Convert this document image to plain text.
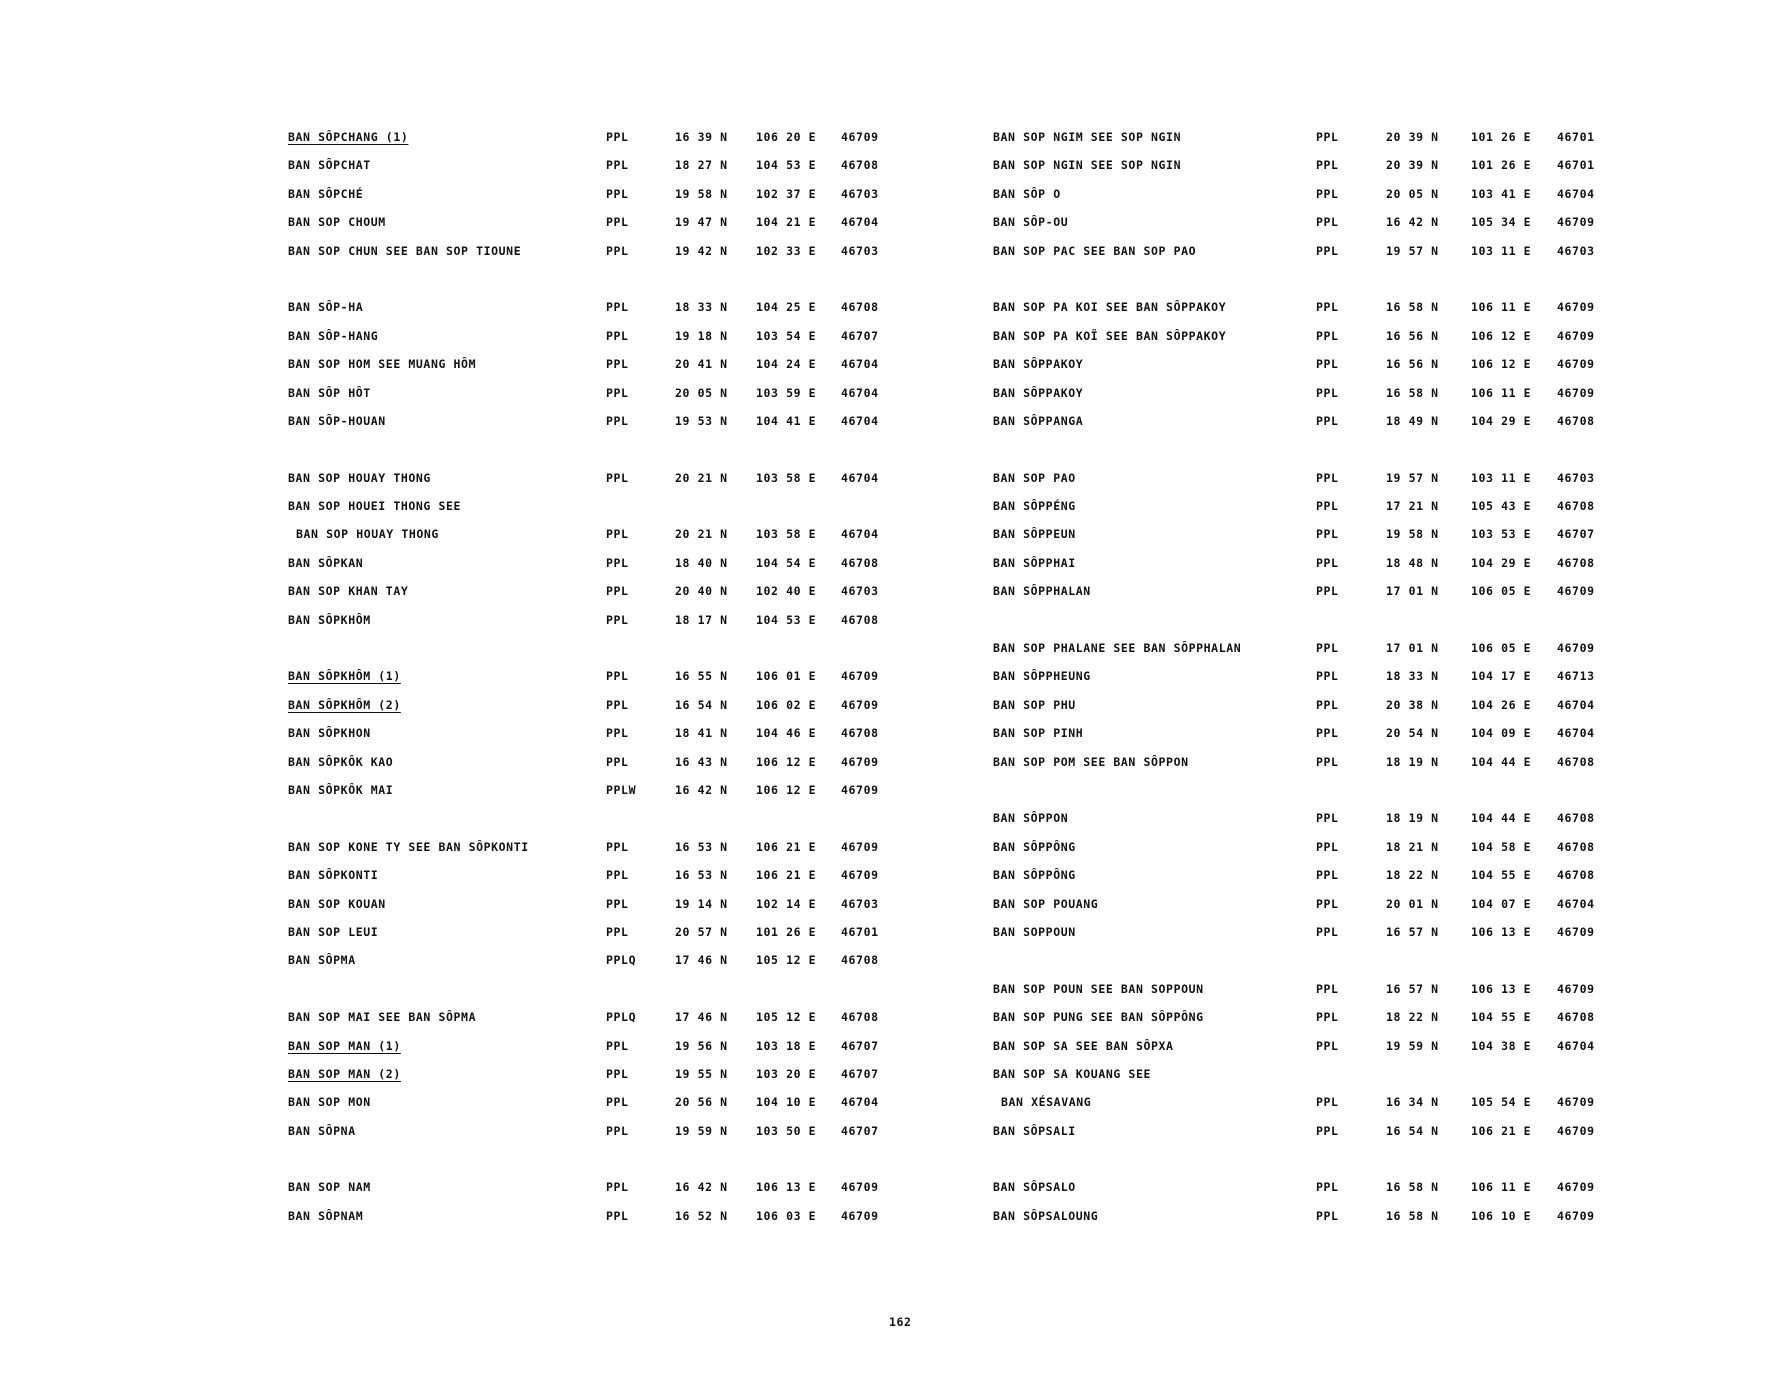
BAN SÔPCHANG (1)	PPL	16 39 N 106 20 E 46709
BAN SÔPCHAT	PPL	18 27 N 104 53 E 46708
BAN SÔPCHÉ	PPL	19 58 N 102 37 E 46703
BAN SOP CHOUM	PPL	19 47 N 104 21 E 46704
BAN SOP CHUN SEE BAN SOP TIOUNE	PPL	19 42 N 102 33 E 46703
BAN SÔP-HA	PPL	18 33 N 104 25 E 46708
BAN SÔP-HANG	PPL	19 18 N 103 54 E 46707
BAN SOP HOM SEE MUANG HÔM	PPL	20 41 N 104 24 E 46704
BAN SÔP HÔT	PPL	20 05 N 103 59 E 46704
BAN SÔP-HOUAN	PPL	19 53 N 104 41 E 46704
BAN SOP HOUAY THONG	PPL	20 21 N 103 58 E 46704
BAN SOP HOUEI THONG SEE
BAN SOP HOUAY THONG	PPL	20 21 N 103 58 E 46704
BAN SÔPKAN	PPL	18 40 N 104 54 E 46708
BAN SOP KHAN TAY	PPL	20 40 N 102 40 E 46703
BAN SÔPKHÔM	PPL	18 17 N 104 53 E 46708
BAN SÔPKHÔM (1)	PPL	16 55 N 106 01 E 46709
BAN SÔPKHÔM (2)	PPL	16 54 N 106 02 E 46709
BAN SÔPKHON	PPL	18 41 N 104 46 E 46708
BAN SÔPKÔK KAO	PPL	16 43 N 106 12 E 46709
BAN SÔPKÔK MAI	PPLW	16 42 N 106 12 E 46709
BAN SOP KONE TY SEE BAN SÔPKONTI	PPL	16 53 N 106 21 E 46709
BAN SÔPKONTI	PPL	16 53 N 106 21 E 46709
BAN SOP KOUAN	PPL	19 14 N 102 14 E 46703
BAN SOP LEUI	PPL	20 57 N 101 26 E 46701
BAN SÔPMA	PPLQ	17 46 N 105 12 E 46708
BAN SOP MAI SEE BAN SÔPMA	PPLQ	17 46 N 105 12 E 46708
BAN SOP MAN (1)	PPL	19 56 N 103 18 E 46707
BAN SOP MAN (2)	PPL	19 55 N 103 20 E 46707
BAN SOP MON	PPL	20 56 N 104 10 E 46704
BAN SÔPNA	PPL	19 59 N 103 50 E 46707
BAN SOP NAM	PPL	16 42 N 106 13 E 46709
BAN SÔPNAM	PPL	16 52 N 106 03 E 46709
BAN SOP NGIM SEE SOP NGIN	PPL	20 39 N	101 26 E 46701
BAN SOP NGIN SEE SOP NGIN	PPL	20 39 N	101 26 E 46701
BAN SÔP O	PPL	20 05 N	103 41 E 46704
BAN SÔP-OU	PPL	16 42 N	105 34 E 46709
BAN SOP PAC SEE BAN SOP PAO	PPL	19 57 N	103 11 E 46703
BAN SOP PA KOI SEE BAN SÔPPAKOY	PPL	16 58 N	106 11 E 46709
BAN SOP PA KOÏ SEE BAN SÔPPAKOY	PPL	16 56 N	106 12 E 46709
BAN SÔPPAKOY	PPL	16 56 N	106 12 E 46709
BAN SÔPPAKOY	PPL	16 58 N	106 11 E 46709
BAN SÔPPANGA	PPL	18 49 N	104 29 E 46708
BAN SOP PAO	PPL	19 57 N	103 11 E 46703
BAN SÔPPÉNG	PPL	17 21 N	105 43 E 46708
BAN SÔPPEUN	PPL	19 58 N	103 53 E 46707
BAN SÔPPHAI	PPL	18 48 N	104 29 E 46708
BAN SÔPPHALAN	PPL	17 01 N	106 05 E 46709
BAN SOP PHALANE SEE BAN SÔPPHALAN	PPL	17 01 N	106 05 E 46709
BAN SÔPPHEUNG	PPL	18 33 N	104 17 E 46713
BAN SOP PHU	PPL	20 38 N	104 26 E 46704
BAN SOP PINH	PPL	20 54 N	104 09 E 46704
BAN SOP POM SEE BAN SÔPPON	PPL	18 19 N	104 44 E 46708
BAN SÔPPON	PPL	18 19 N	104 44 E 46708
BAN SÔPPÔNG	PPL	18 21 N	104 58 E 46708
BAN SÔPPÔNG	PPL	18 22 N	104 55 E 46708
BAN SOP POUANG	PPL	20 01 N	104 07 E 46704
BAN SOPPOUN	PPL	16 57 N	106 13 E 46709
BAN SOP POUN SEE BAN SOPPOUN	PPL	16 57 N	106 13 E 46709
BAN SOP PUNG SEE BAN SÔPPÔNG	PPL	18 22 N	104 55 E 46708
BAN SOP SA SEE BAN SÔPXA	PPL	19 59 N	104 38 E 46704
BAN SOP SA KOUANG SEE
BAN XÉSAVANG	PPL	16 34 N	105 54 E 46709
BAN SÔPSALI	PPL	16 54 N	106 21 E 46709
BAN SÔPSALO	PPL	16 58 N	106 11 E 46709
BAN SÔPSALOUNG	PPL	16 58 N	106 10 E 46709
162
